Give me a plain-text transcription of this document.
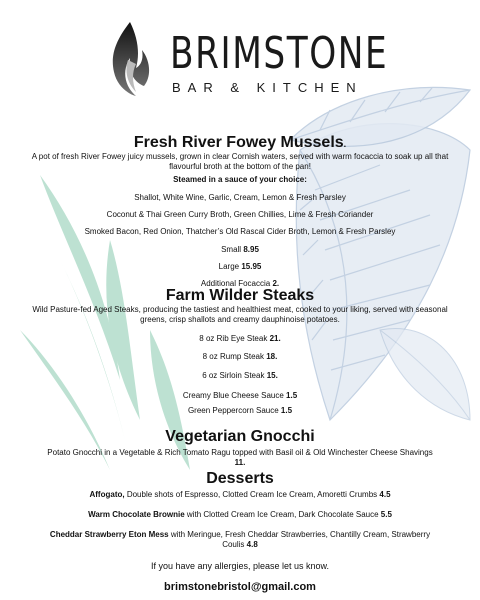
BRIMSTONE
BAR & KITCHEN
Fresh River Fowey Mussels.
A pot of fresh River Fowey juicy mussels, grown in clear Cornish waters, served with warm focaccia to soak up all that flavourful broth at the bottom of the pan!
Steamed in a sauce of your choice:
Shallot, White Wine, Garlic, Cream, Lemon & Fresh Parsley
Coconut & Thai Green Curry Broth, Green Chillies, Lime & Fresh Coriander
Smoked Bacon, Red Onion, Thatcher’s Old Rascal Cider Broth, Lemon & Fresh Parsley
Small 8.95
Large 15.95
Additional Focaccia 2.
Farm Wilder Steaks
Wild Pasture-fed Aged Steaks, producing the tastiest and healthiest meat, cooked to your liking, served with seasonal greens, crisp shallots and creamy dauphinoise potatoes.
8 oz Rib Eye Steak 21.
8 oz Rump Steak 18.
6 oz Sirloin Steak 15.
Creamy Blue Cheese Sauce 1.5
Green Peppercorn Sauce 1.5
Vegetarian Gnocchi
Potato Gnocchi in a Vegetable & Rich Tomato Ragu topped with Basil oil & Old Winchester Cheese Shavings
11.
Desserts
Affogato, Double shots of Espresso, Clotted Cream Ice Cream, Amoretti Crumbs 4.5
Warm Chocolate Brownie with Clotted Cream Ice Cream, Dark Chocolate Sauce 5.5
Cheddar Strawberry Eton Mess with Meringue, Fresh Cheddar Strawberries, Chantilly Cream, Strawberry
Coulis 4.8
If you have any allergies, please let us know.
brimstonebristol@gmail.com
